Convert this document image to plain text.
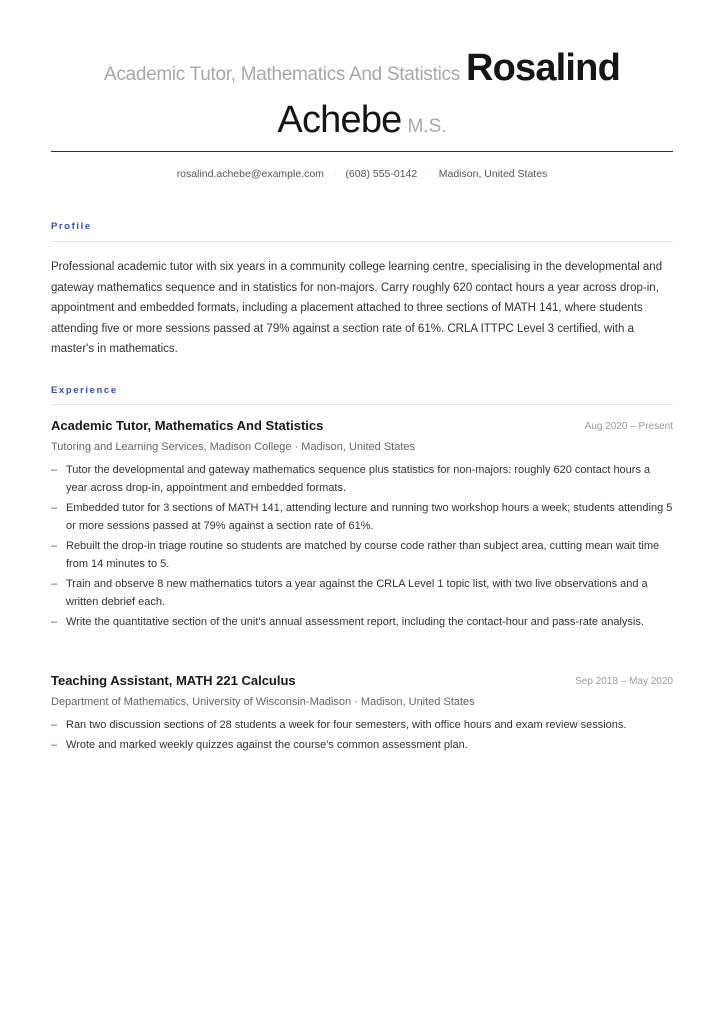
Academic Tutor, Mathematics And Statistics Rosalind
Achebe M.S.
rosalind.achebe@example.com · (608) 555-0142 · Madison, United States
Profile
Professional academic tutor with six years in a community college learning centre, specialising in the developmental and gateway mathematics sequence and in statistics for non-majors. Carry roughly 620 contact hours a year across drop-in, appointment and embedded formats, including a placement attached to three sections of MATH 141, where students attending five or more sessions passed at 79% against a section rate of 61%. CRLA ITTPC Level 3 certified, with a master's in mathematics.
Experience
Academic Tutor, Mathematics And Statistics	Aug 2020 – Present
Tutoring and Learning Services, Madison College · Madison, United States
– Tutor the developmental and gateway mathematics sequence plus statistics for non-majors: roughly 620 contact hours a year across drop-in, appointment and embedded formats.
– Embedded tutor for 3 sections of MATH 141, attending lecture and running two workshop hours a week; students attending 5 or more sessions passed at 79% against a section rate of 61%.
– Rebuilt the drop-in triage routine so students are matched by course code rather than subject area, cutting mean wait time from 14 minutes to 5.
– Train and observe 8 new mathematics tutors a year against the CRLA Level 1 topic list, with two live observations and a written debrief each.
– Write the quantitative section of the unit's annual assessment report, including the contact-hour and pass-rate analysis.
Teaching Assistant, MATH 221 Calculus	Sep 2018 – May 2020
Department of Mathematics, University of Wisconsin-Madison · Madison, United States
– Ran two discussion sections of 28 students a week for four semesters, with office hours and exam review sessions.
– Wrote and marked weekly quizzes against the course's common assessment plan.
